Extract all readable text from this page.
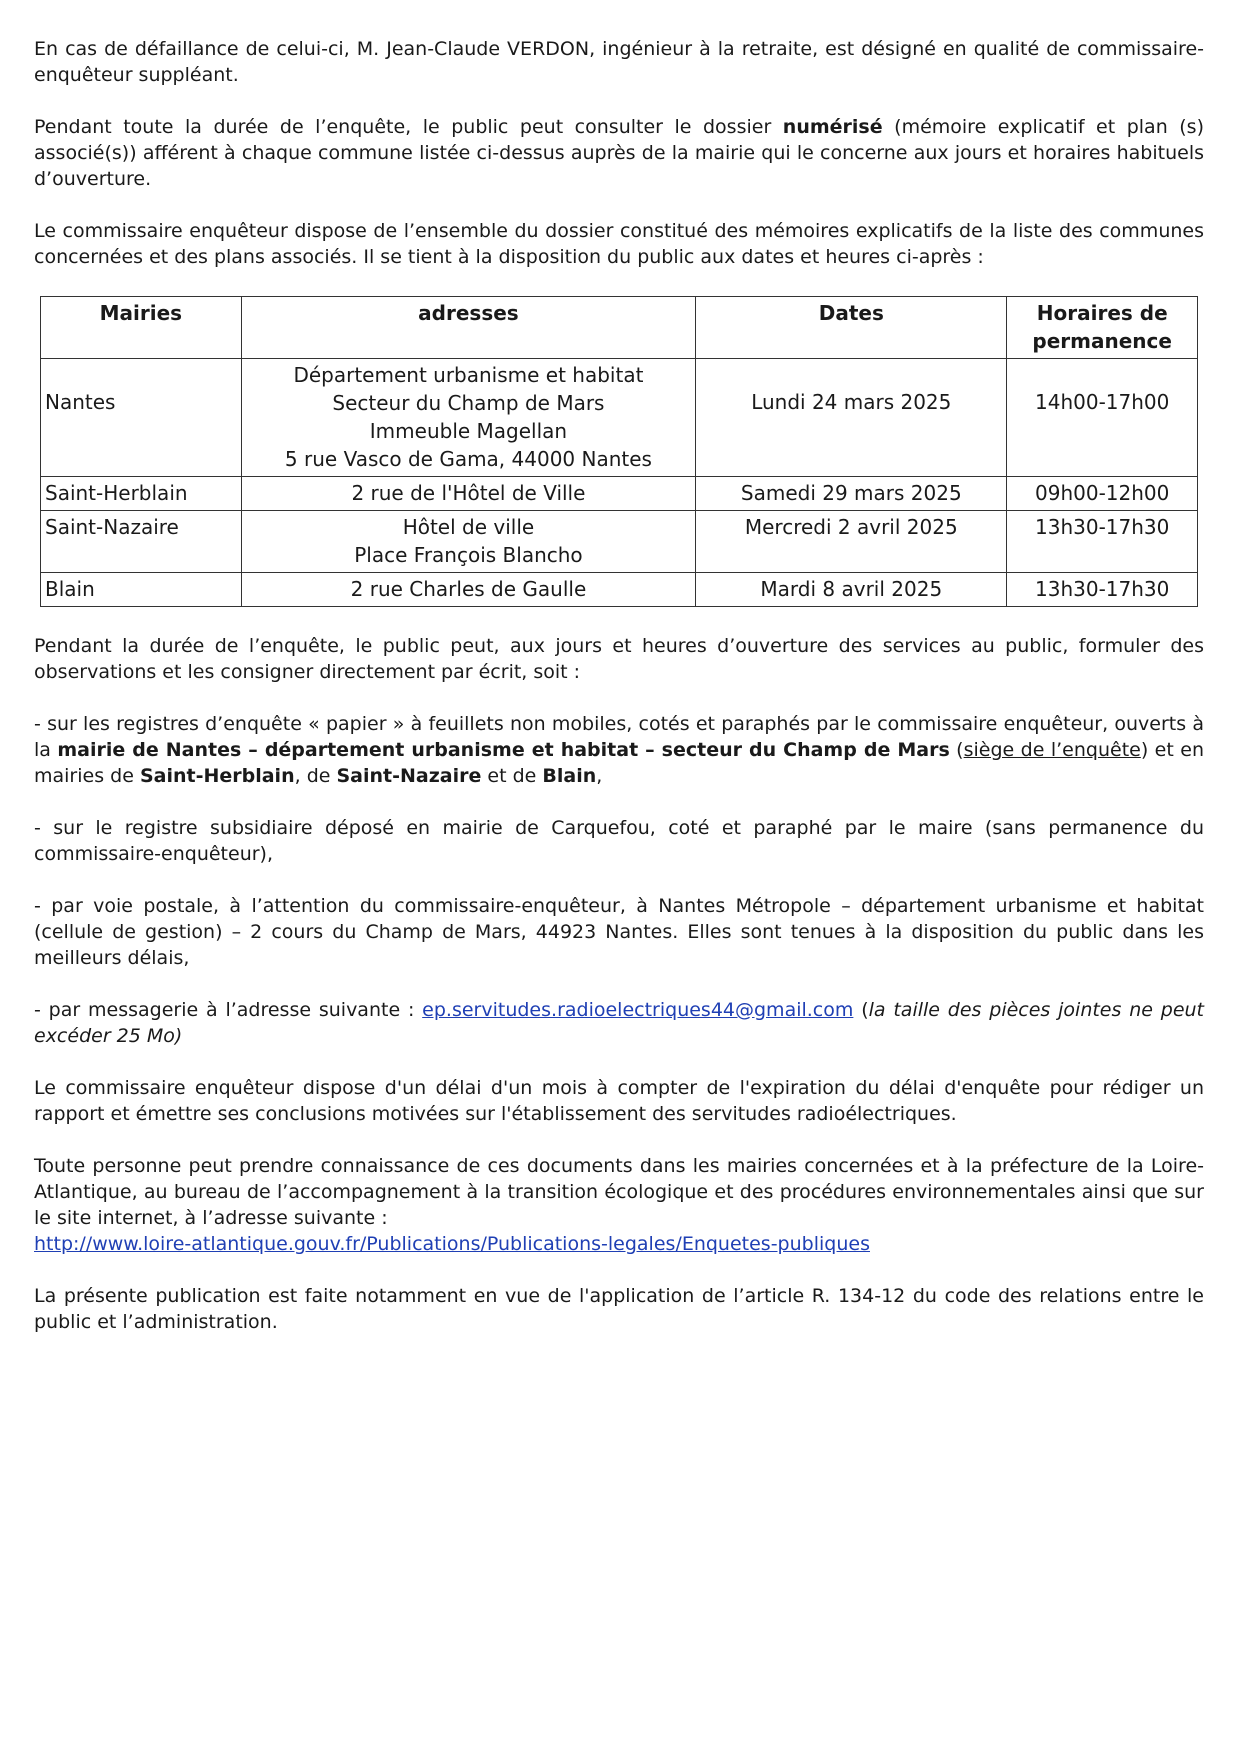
En cas de défaillance de celui-ci, M. Jean-Claude VERDON, ingénieur à la retraite, est désigné en qualité de commissaire-enquêteur suppléant.

Pendant toute la durée de l’enquête, le public peut consulter le dossier numérisé (mémoire explicatif et plan (s) associé(s)) afférent à chaque commune listée ci-dessus auprès de la mairie qui le concerne aux jours et horaires habituels d’ouverture.

Le commissaire enquêteur dispose de l’ensemble du dossier constitué des mémoires explicatifs de la liste des communes concernées et des plans associés. Il se tient à la disposition du public aux dates et heures ci-après :

Mairies	adresses	Dates	Horaires de permanence
Nantes	Département urbanisme et habitat
Secteur du Champ de Mars
Immeuble Magellan
5 rue Vasco de Gama, 44000 Nantes	Lundi 24 mars 2025	14h00-17h00
Saint-Herblain	2 rue de l'Hôtel de Ville	Samedi 29 mars 2025	09h00-12h00
Saint-Nazaire	Hôtel de ville
Place François Blancho	Mercredi 2 avril 2025	13h30-17h30
Blain	2 rue Charles de Gaulle	Mardi 8 avril 2025	13h30-17h30

Pendant la durée de l’enquête, le public peut, aux jours et heures d’ouverture des services au public, formuler des observations et les consigner directement par écrit, soit :

- sur les registres d’enquête « papier » à feuillets non mobiles, cotés et paraphés par le commissaire enquêteur, ouverts à la mairie de Nantes – département urbanisme et habitat – secteur du Champ de Mars (siège de l’enquête) et en mairies de Saint-Herblain, de Saint-Nazaire et de Blain,

- sur le registre subsidiaire déposé en mairie de Carquefou, coté et paraphé par le maire (sans permanence du commissaire-enquêteur),

- par voie postale, à l’attention du commissaire-enquêteur, à Nantes Métropole – département urbanisme et habitat (cellule de gestion) – 2 cours du Champ de Mars, 44923 Nantes. Elles sont tenues à la disposition du public dans les meilleurs délais,

- par messagerie à l’adresse suivante : ep.servitudes.radioelectriques44@gmail.com (la taille des pièces jointes ne peut excéder 25 Mo)

Le commissaire enquêteur dispose d'un délai d'un mois à compter de l'expiration du délai d'enquête pour rédiger un rapport et émettre ses conclusions motivées sur l'établissement des servitudes radioélectriques.

Toute personne peut prendre connaissance de ces documents dans les mairies concernées et à la préfecture de la Loire-Atlantique, au bureau de l’accompagnement à la transition écologique et des procédures environnementales ainsi que sur le site internet, à l’adresse suivante :

http://www.loire-atlantique.gouv.fr/Publications/Publications-legales/Enquetes-publiques

La présente publication est faite notamment en vue de l'application de l’article R. 134-12 du code des relations entre le public et l’administration.
